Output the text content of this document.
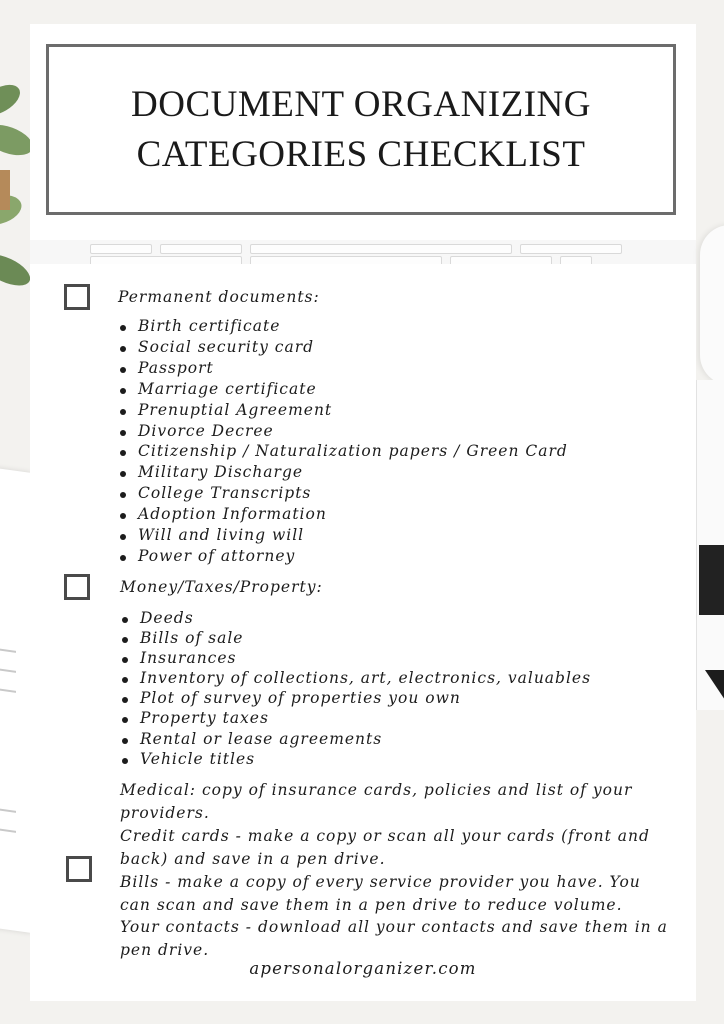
DOCUMENT ORGANIZING
CATEGORIES CHECKLIST
Permanent documents:
Birth certificate
Social security card
Passport
Marriage certificate
Prenuptial Agreement
Divorce Decree
Citizenship / Naturalization papers / Green Card
Military Discharge
College Transcripts
Adoption Information
Will and living will
Power of attorney
Money/Taxes/Property:
Deeds
Bills of sale
Insurances
Inventory of collections, art, electronics, valuables
Plot of survey of properties you own
Property taxes
Rental or lease agreements
Vehicle titles
Medical: copy of insurance cards, policies and list of your providers.
Credit cards - make a copy or scan all your cards (front and back) and save in a pen drive.
Bills - make a copy of every service provider you have. You can scan and save them in a pen drive to reduce volume.
Your contacts - download all your contacts and save them in a pen drive.
apersonalorganizer.com
